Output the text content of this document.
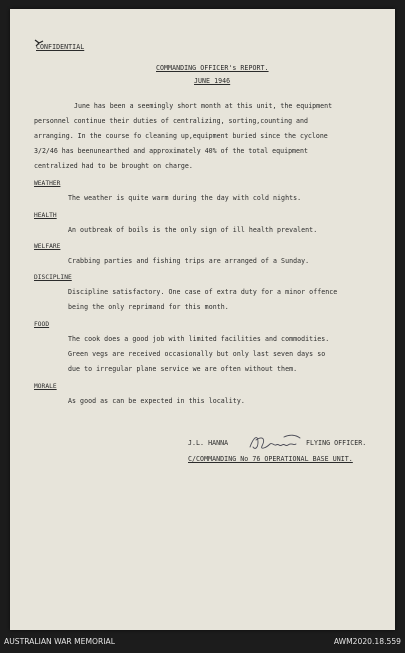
CONFIDENTIAL
COMMANDING OFFICER's REPORT.
JUNE 1946
June has been a seemingly short month at this unit, the equipment
personnel continue their duties of centralizing, sorting,counting and
arranging. In the course fo cleaning up,equipment buried since the cyclone
3/2/46 has beenunearthed and approximately 40% of the total equipment
centralized had to be brought on charge.
WEATHER
The weather is quite warm during the day with cold nights.
HEALTH
An outbreak of boils is the only sign of ill health prevalent.
WELFARE
Crabbing parties and fishing trips are arranged of a Sunday.
DISCIPLINE
Discipline satisfactory. One case of extra duty for a minor offence
being the only reprimand for this month.
FOOD
The cook does a good job with limited facilities and commodities.
Green vegs are received occasionally but only last seven days so
due to irregular plane service we are often without them.
MORALE
As good as can be expected in this locality.
J.L. HANNA	FLYING OFFICER.
C/COMMANDING No 76 OPERATIONAL BASE UNIT.
AUSTRALIAN WAR MEMORIAL	AWM2020.18.559
